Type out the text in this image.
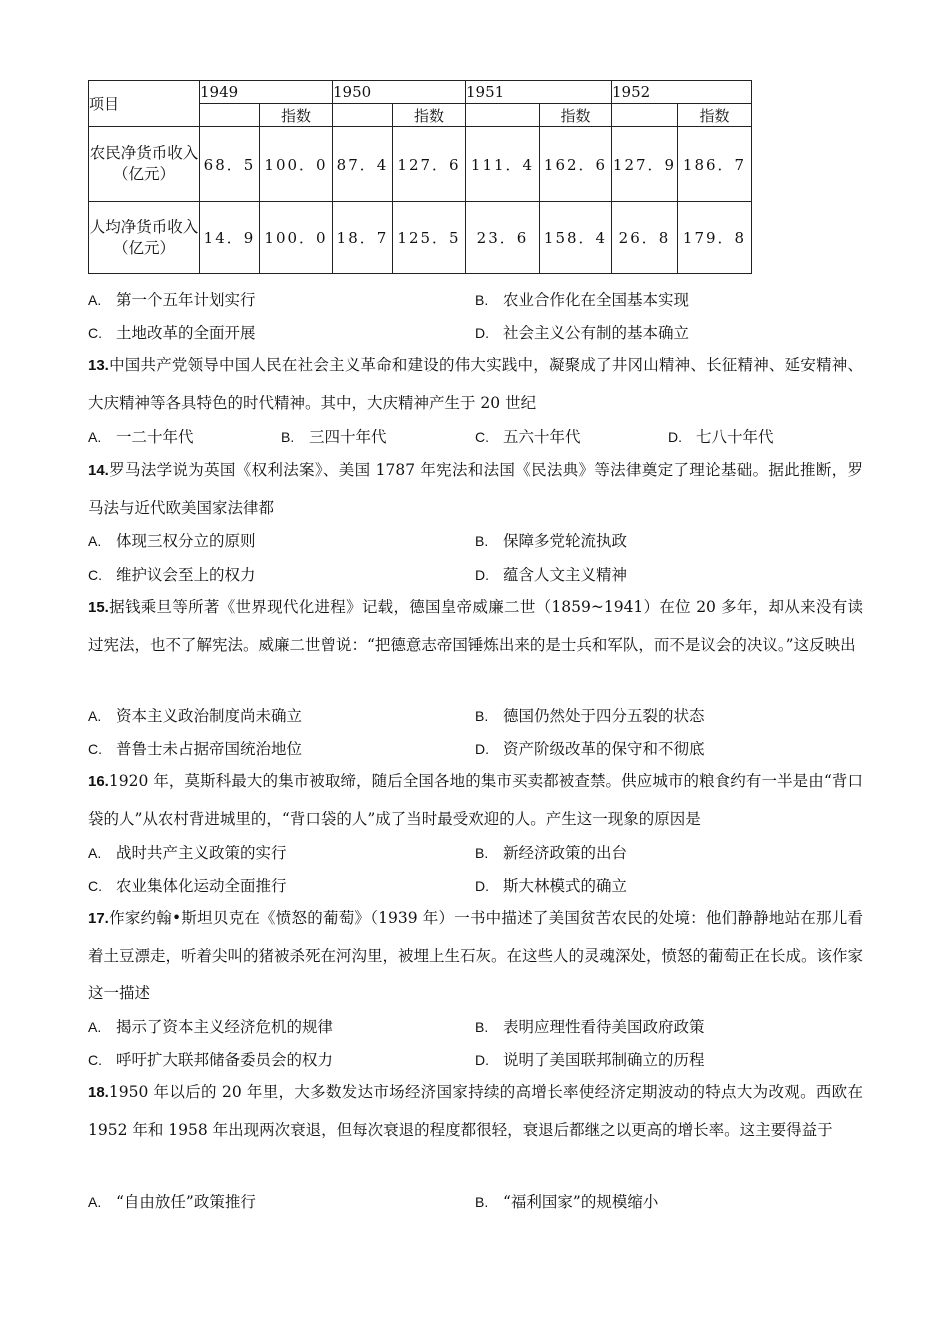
项目	1949		1950		1951		1952	
		指数		指数		指数		指数
农民净货币收入（亿元）	68．5	100．0	87．4	127．6	111．4	162．6	127．9	186．7
人均净货币收入（亿元）	14．9	100．0	18．7	125．5	23．6	158．4	26．8	179．8
A. 第一个五年计划实行	B. 农业合作化在全国基本实现
C. 土地改革的全面开展	D. 社会主义公有制的基本确立
13.中国共产党领导中国人民在社会主义革命和建设的伟大实践中，凝聚成了井冈山精神、长征精神、延安精神、大庆精神等各具特色的时代精神。其中，大庆精神产生于 20 世纪
A. 一二十年代	B. 三四十年代	C. 五六十年代	D. 七八十年代
14.罗马法学说为英国《权利法案》、美国 1787 年宪法和法国《民法典》等法律奠定了理论基础。据此推断，罗马法与近代欧美国家法律都
A. 体现三权分立的原则	B. 保障多党轮流执政
C. 维护议会至上的权力	D. 蕴含人文主义精神
15.据钱乘旦等所著《世界现代化进程》记载，德国皇帝威廉二世（1859~1941）在位 20 多年，却从来没有读过宪法，也不了解宪法。威廉二世曾说：“把德意志帝国锤炼出来的是士兵和军队，而不是议会的决议。”这反映出
A. 资本主义政治制度尚未确立	B. 德国仍然处于四分五裂的状态
C. 普鲁士未占据帝国统治地位	D. 资产阶级改革的保守和不彻底
16.1920 年，莫斯科最大的集市被取缔，随后全国各地的集市买卖都被查禁。供应城市的粮食约有一半是由“背口袋的人”从农村背进城里的，“背口袋的人”成了当时最受欢迎的人。产生这一现象的原因是
A. 战时共产主义政策的实行	B. 新经济政策的出台
C. 农业集体化运动全面推行	D. 斯大林模式的确立
17.作家约翰•斯坦贝克在《愤怒的葡萄》（1939 年）一书中描述了美国贫苦农民的处境：他们静静地站在那儿看着土豆漂走，听着尖叫的猪被杀死在河沟里，被埋上生石灰。在这些人的灵魂深处，愤怒的葡萄正在长成。该作家这一描述
A. 揭示了资本主义经济危机的规律	B. 表明应理性看待美国政府政策
C. 呼吁扩大联邦储备委员会的权力	D. 说明了美国联邦制确立的历程
18.1950 年以后的 20 年里，大多数发达市场经济国家持续的高增长率使经济定期波动的特点大为改观。西欧在 1952 年和 1958 年出现两次衰退，但每次衰退的程度都很轻，衰退后都继之以更高的增长率。这主要得益于
A. “自由放任”政策推行	B. “福利国家”的规模缩小
